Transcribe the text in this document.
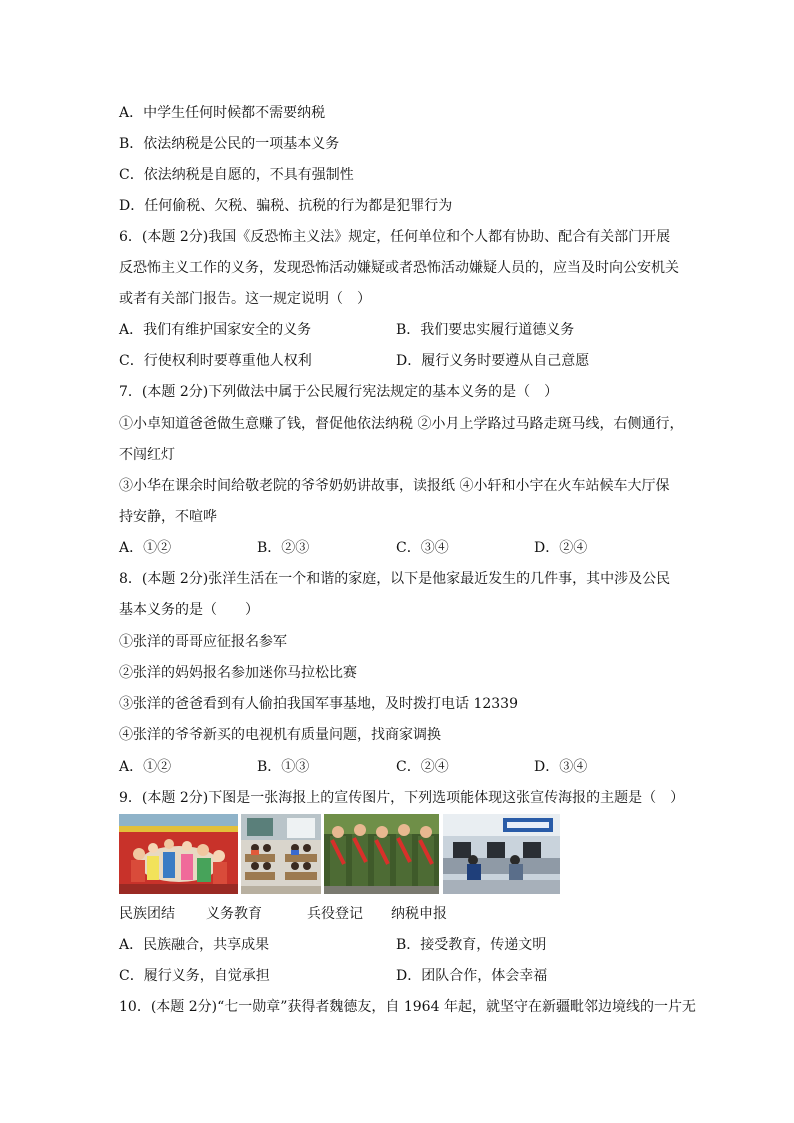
A．中学生任何时候都不需要纳税
B．依法纳税是公民的一项基本义务
C．依法纳税是自愿的，不具有强制性
D．任何偷税、欠税、骗税、抗税的行为都是犯罪行为
6．(本题 2分)我国《反恐怖主义法》规定，任何单位和个人都有协助、配合有关部门开展
反恐怖主义工作的义务，发现恐怖活动嫌疑或者恐怖活动嫌疑人员的，应当及时向公安机关
或者有关部门报告。这一规定说明（　）
A．我们有维护国家安全的义务	B．我们要忠实履行道德义务
C．行使权利时要尊重他人权利	D．履行义务时要遵从自己意愿
7．(本题 2分)下列做法中属于公民履行宪法规定的基本义务的是（　）
①小卓知道爸爸做生意赚了钱，督促他依法纳税 ②小月上学路过马路走斑马线，右侧通行，
不闯红灯
③小华在课余时间给敬老院的爷爷奶奶讲故事，读报纸 ④小轩和小宇在火车站候车大厅保
持安静，不喧哗
A．①②	B．②③	C．③④	D．②④
8．(本题 2分)张洋生活在一个和谐的家庭，以下是他家最近发生的几件事，其中涉及公民
基本义务的是（　　）
①张洋的哥哥应征报名参军
②张洋的妈妈报名参加迷你马拉松比赛
③张洋的爸爸看到有人偷拍我国军事基地，及时拨打电话 12339
④张洋的爷爷新买的电视机有质量问题，找商家调换
A．①②	B．①③	C．②④	D．③④
9．(本题 2分)下图是一张海报上的宣传图片，下列选项能体现这张宣传海报的主题是（　）
民族团结 义务教育	兵役登记 纳税申报
A．民族融合，共享成果	B．接受教育，传递文明
C．履行义务，自觉承担	D．团队合作，体会幸福
10．(本题 2分)“七一勋章”获得者魏德友，自 1964 年起，就坚守在新疆毗邻边境线的一片无
